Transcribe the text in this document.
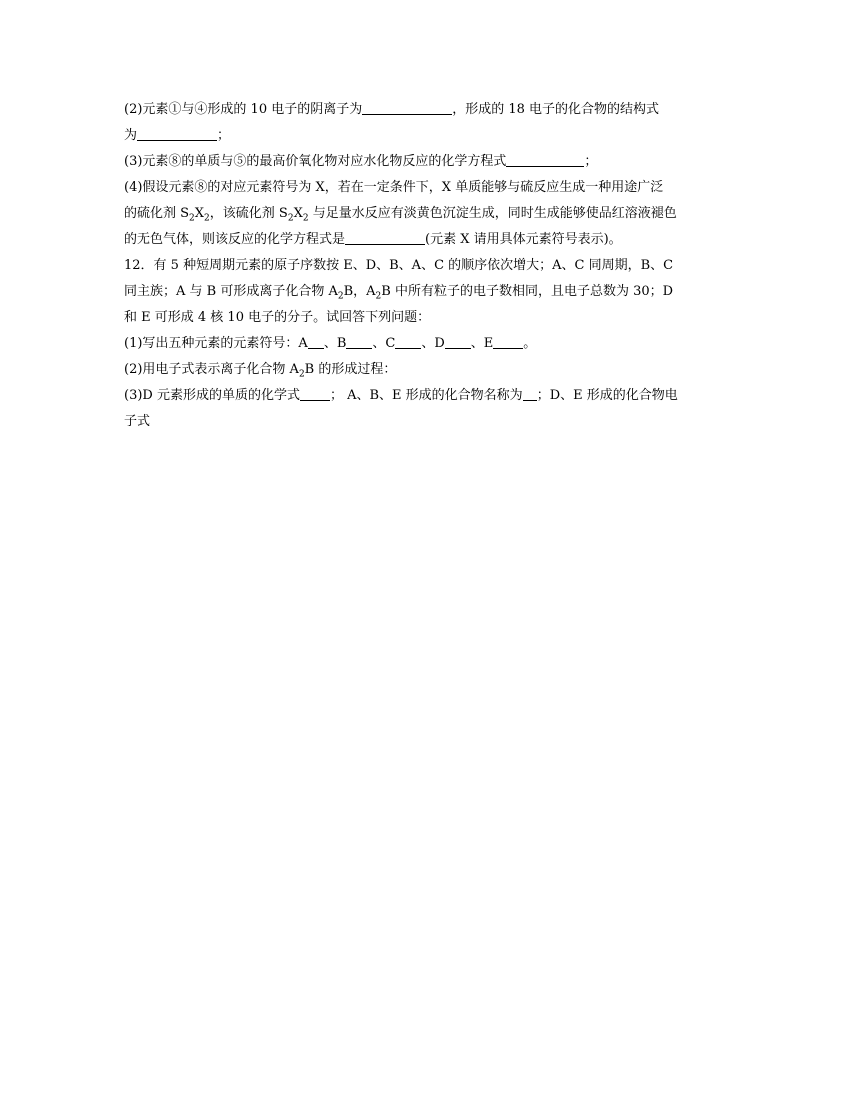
(2)元素①与④形成的 10 电子的阴离子为	，形成的 18 电子的化合物的结构式
为	；
(3)元素⑧的单质与⑤的最高价氧化物对应水化物反应的化学方程式	；
(4)假设元素⑧的对应元素符号为 X，若在一定条件下，X 单质能够与硫反应生成一种用途广泛
的硫化剂 $S_2X_2$，该硫化剂 $S_2X_2$ 与足量水反应有淡黄色沉淀生成，同时生成能够使品红溶液褪色
的无色气体，则该反应的化学方程式是	(元素 X 请用具体元素符号表示)。
12．有 5 种短周期元素的原子序数按 E、D、B、A、C 的顺序依次增大；A、C 同周期，B、C
同主族；A 与 B 可形成离子化合物 $A_2B$，$A_2B$ 中所有粒子的电子数相同，且电子总数为 30；D
和 E 可形成 4 核 10 电子的分子。试回答下列问题：
(1)写出五种元素的元素符号：A 、B 、C 、D 、E 。
(2)用电子式表示离子化合物 $A_2B$ 的形成过程：
(3)D 元素形成的单质的化学式 ； A、B、E 形成的化合物名称为 ；D、E 形成的化合物电
子式
